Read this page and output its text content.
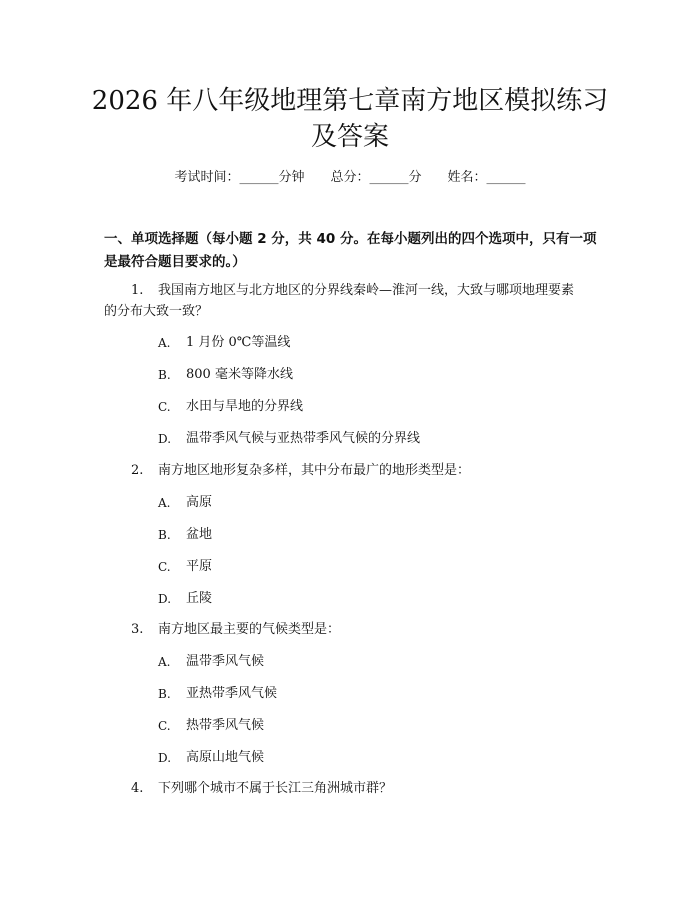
2026 年八年级地理第七章南方地区模拟练习
及答案
考试时间：______分钟 总分：______分 姓名：______
一、单项选择题（每小题 2 分，共 40 分。在每小题列出的四个选项中，只有一项
是最符合题目要求的。）
1. 我国南方地区与北方地区的分界线秦岭—淮河一线，大致与哪项地理要素
的分布大致一致？
A. 1 月份 0℃等温线
B. 800 毫米等降水线
C. 水田与旱地的分界线
D. 温带季风气候与亚热带季风气候的分界线
2. 南方地区地形复杂多样，其中分布最广的地形类型是：
A. 高原
B. 盆地
C. 平原
D. 丘陵
3. 南方地区最主要的气候类型是：
A. 温带季风气候
B. 亚热带季风气候
C. 热带季风气候
D. 高原山地气候
4. 下列哪个城市不属于长江三角洲城市群？
